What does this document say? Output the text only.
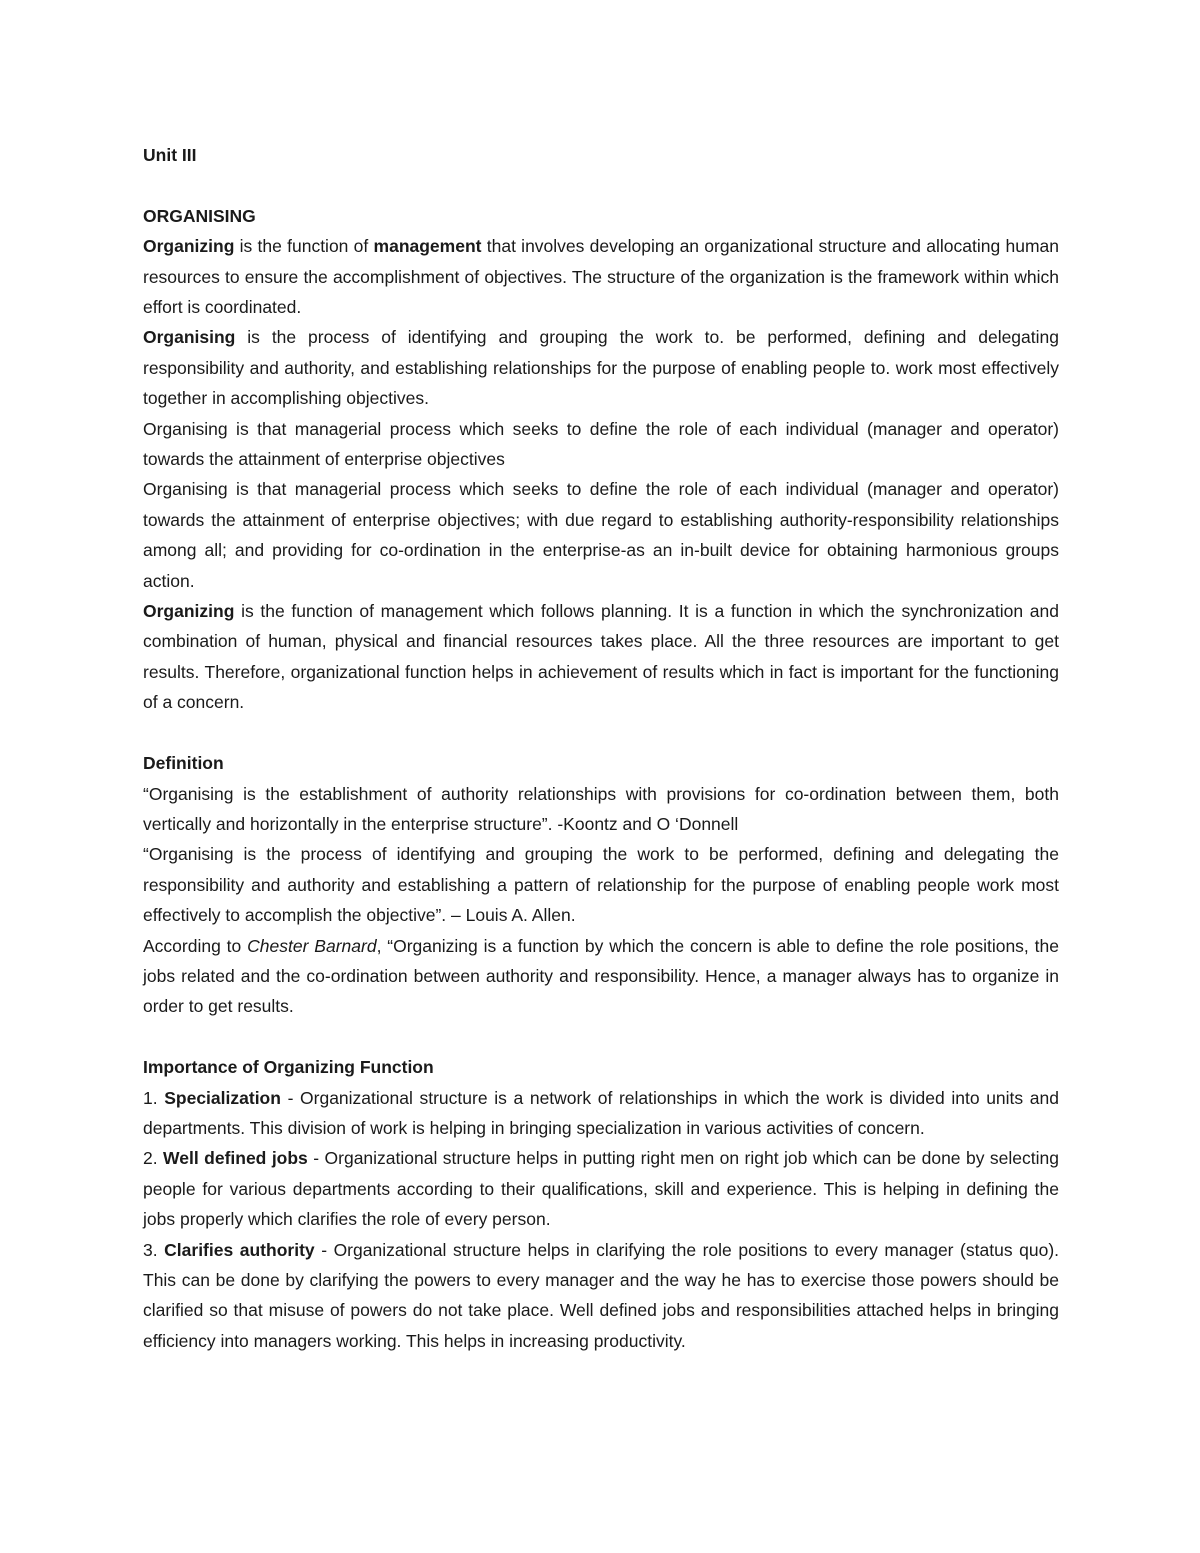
Unit III

ORGANISING

Organizing is the function of management that involves developing an organizational structure and allocating human resources to ensure the accomplishment of objectives. The structure of the organization is the framework within which effort is coordinated.

Organising is the process of identifying and grouping the work to. be performed, defining and delegating responsibility and authority, and establishing relationships for the purpose of enabling people to. work most effectively together in accomplishing objectives.

Organising is that managerial process which seeks to define the role of each individual (manager and operator) towards the attainment of enterprise objectives

Organising is that managerial process which seeks to define the role of each individual (manager and operator) towards the attainment of enterprise objectives; with due regard to establishing authority-responsibility relationships among all; and providing for co-ordination in the enterprise-as an in-built device for obtaining harmonious groups action.

Organizing is the function of management which follows planning. It is a function in which the synchronization and combination of human, physical and financial resources takes place. All the three resources are important to get results. Therefore, organizational function helps in achievement of results which in fact is important for the functioning of a concern.

Definition

“Organising is the establishment of authority relationships with provisions for co-ordination between them, both vertically and horizontally in the enterprise structure”. -Koontz and O ‘Donnell

“Organising is the process of identifying and grouping the work to be performed, defining and delegating the responsibility and authority and establishing a pattern of relationship for the purpose of enabling people work most effectively to accomplish the objective”. – Louis A. Allen.

According to Chester Barnard, “Organizing is a function by which the concern is able to define the role positions, the jobs related and the co-ordination between authority and responsibility. Hence, a manager always has to organize in order to get results.

Importance of Organizing Function

1. Specialization - Organizational structure is a network of relationships in which the work is divided into units and departments. This division of work is helping in bringing specialization in various activities of concern.

2. Well defined jobs - Organizational structure helps in putting right men on right job which can be done by selecting people for various departments according to their qualifications, skill and experience. This is helping in defining the jobs properly which clarifies the role of every person.

3. Clarifies authority - Organizational structure helps in clarifying the role positions to every manager (status quo). This can be done by clarifying the powers to every manager and the way he has to exercise those powers should be clarified so that misuse of powers do not take place. Well defined jobs and responsibilities attached helps in bringing efficiency into managers working. This helps in increasing productivity.
